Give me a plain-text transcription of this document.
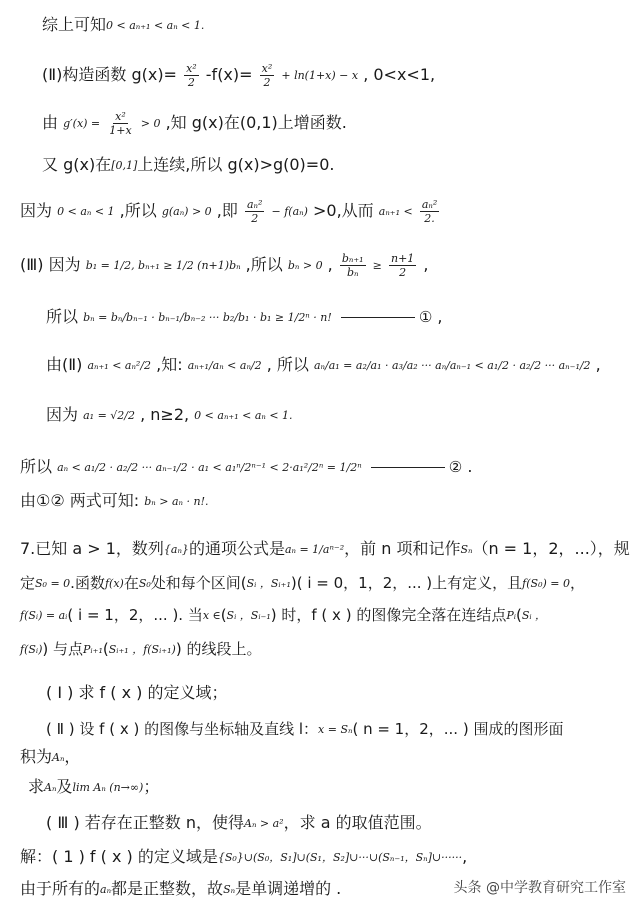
综上可知0 < aₙ₊₁ < aₙ < 1.
(Ⅱ)构造函数 $g(x)= \frac{\text{x²}}{2} -f(x)= \frac{\text{x²}}{2} + \ln(1+x) - x$ , 0<x<1,
由 $g'(x) = \frac{\text{x²}}{1+x} > 0$ ,知 g(x)在(0,1)上增函数.
又 g(x)在[0,1]上连续,所以 g(x)>g(0)=0.
因为 0 < aₙ < 1 ,所以 g(aₙ) > 0 ,即 $\frac{\text{aₙ²}}{2} - f(a_n) >0$,从而 $a_{n+1} < \frac{\text{aₙ²}}{2.}$
(Ⅲ) 因为 b₁ = 1/2, bₙ₊₁ ≥ 1/2 (n+1)bₙ ,所以 bₙ > 0 , $\frac{\text{bₙ₊₁}}{\text{bₙ}} \ge \frac{n+1}{2}$ ,
所以 bₙ = bₙ/bₙ₋₁ · bₙ₋₁/bₙ₋₂ ··· b₂/b₁ · b₁ ≥ 1/2ⁿ · n!	① ,
由(Ⅱ) aₙ₊₁ < aₙ²/2 ,知: aₙ₊₁/aₙ < aₙ/2 , 所以 aₙ/a₁ = a₂/a₁ · a₃/a₂ ··· aₙ/aₙ₋₁ < a₁/2 · a₂/2 ··· aₙ₋₁/2 ,
因为 a₁ = √2/2 , n≥2, 0 < aₙ₊₁ < aₙ < 1.
所以 aₙ < a₁/2 · a₂/2 ··· aₙ₋₁/2 · a₁ < a₁ⁿ/2ⁿ⁻¹ < 2·a₁²/2ⁿ = 1/2ⁿ	② .
由①② 两式可知: bₙ > aₙ · n!.
7.已知 a > 1，数列{aₙ}的通项公式是aₙ = 1/aⁿ⁻²，前 n 项和记作Sₙ（n = 1，2，...），规
定S₀ = 0.函数f(x)在S₀处和每个区间(Sᵢ ，Sᵢ₊₁)( i = 0，1，2，... )上有定义，且f(S₀) = 0，
f(Sᵢ) = aᵢ( i = 1，2，... ). 当x ∈(Sᵢ ，Sᵢ₋₁) 时，f ( x ) 的图像完全落在连结点Pᵢ(Sᵢ ，
f(Sᵢ)) 与点Pᵢ₊₁(Sᵢ₊₁ ，f(Sᵢ₊₁)) 的线段上。
( Ⅰ ) 求 f ( x ) 的定义域；
( Ⅱ ) 设 f ( x ) 的图像与坐标轴及直线 l：x = Sₙ( n = 1，2，... ) 围成的图形面
积为Aₙ，
求Aₙ及lim Aₙ (n→∞)；
( Ⅲ ) 若存在正整数 n，使得Aₙ > a²，求 a 的取值范围。
解：( 1 ) f ( x ) 的定义域是{S₀}∪(S₀，S₁]∪(S₁，S₂]∪···∪(Sₙ₋₁，Sₙ]∪······,
由于所有的aₙ都是正整数，故Sₙ是单调递增的 .	头条 @中学教育研究工作室
